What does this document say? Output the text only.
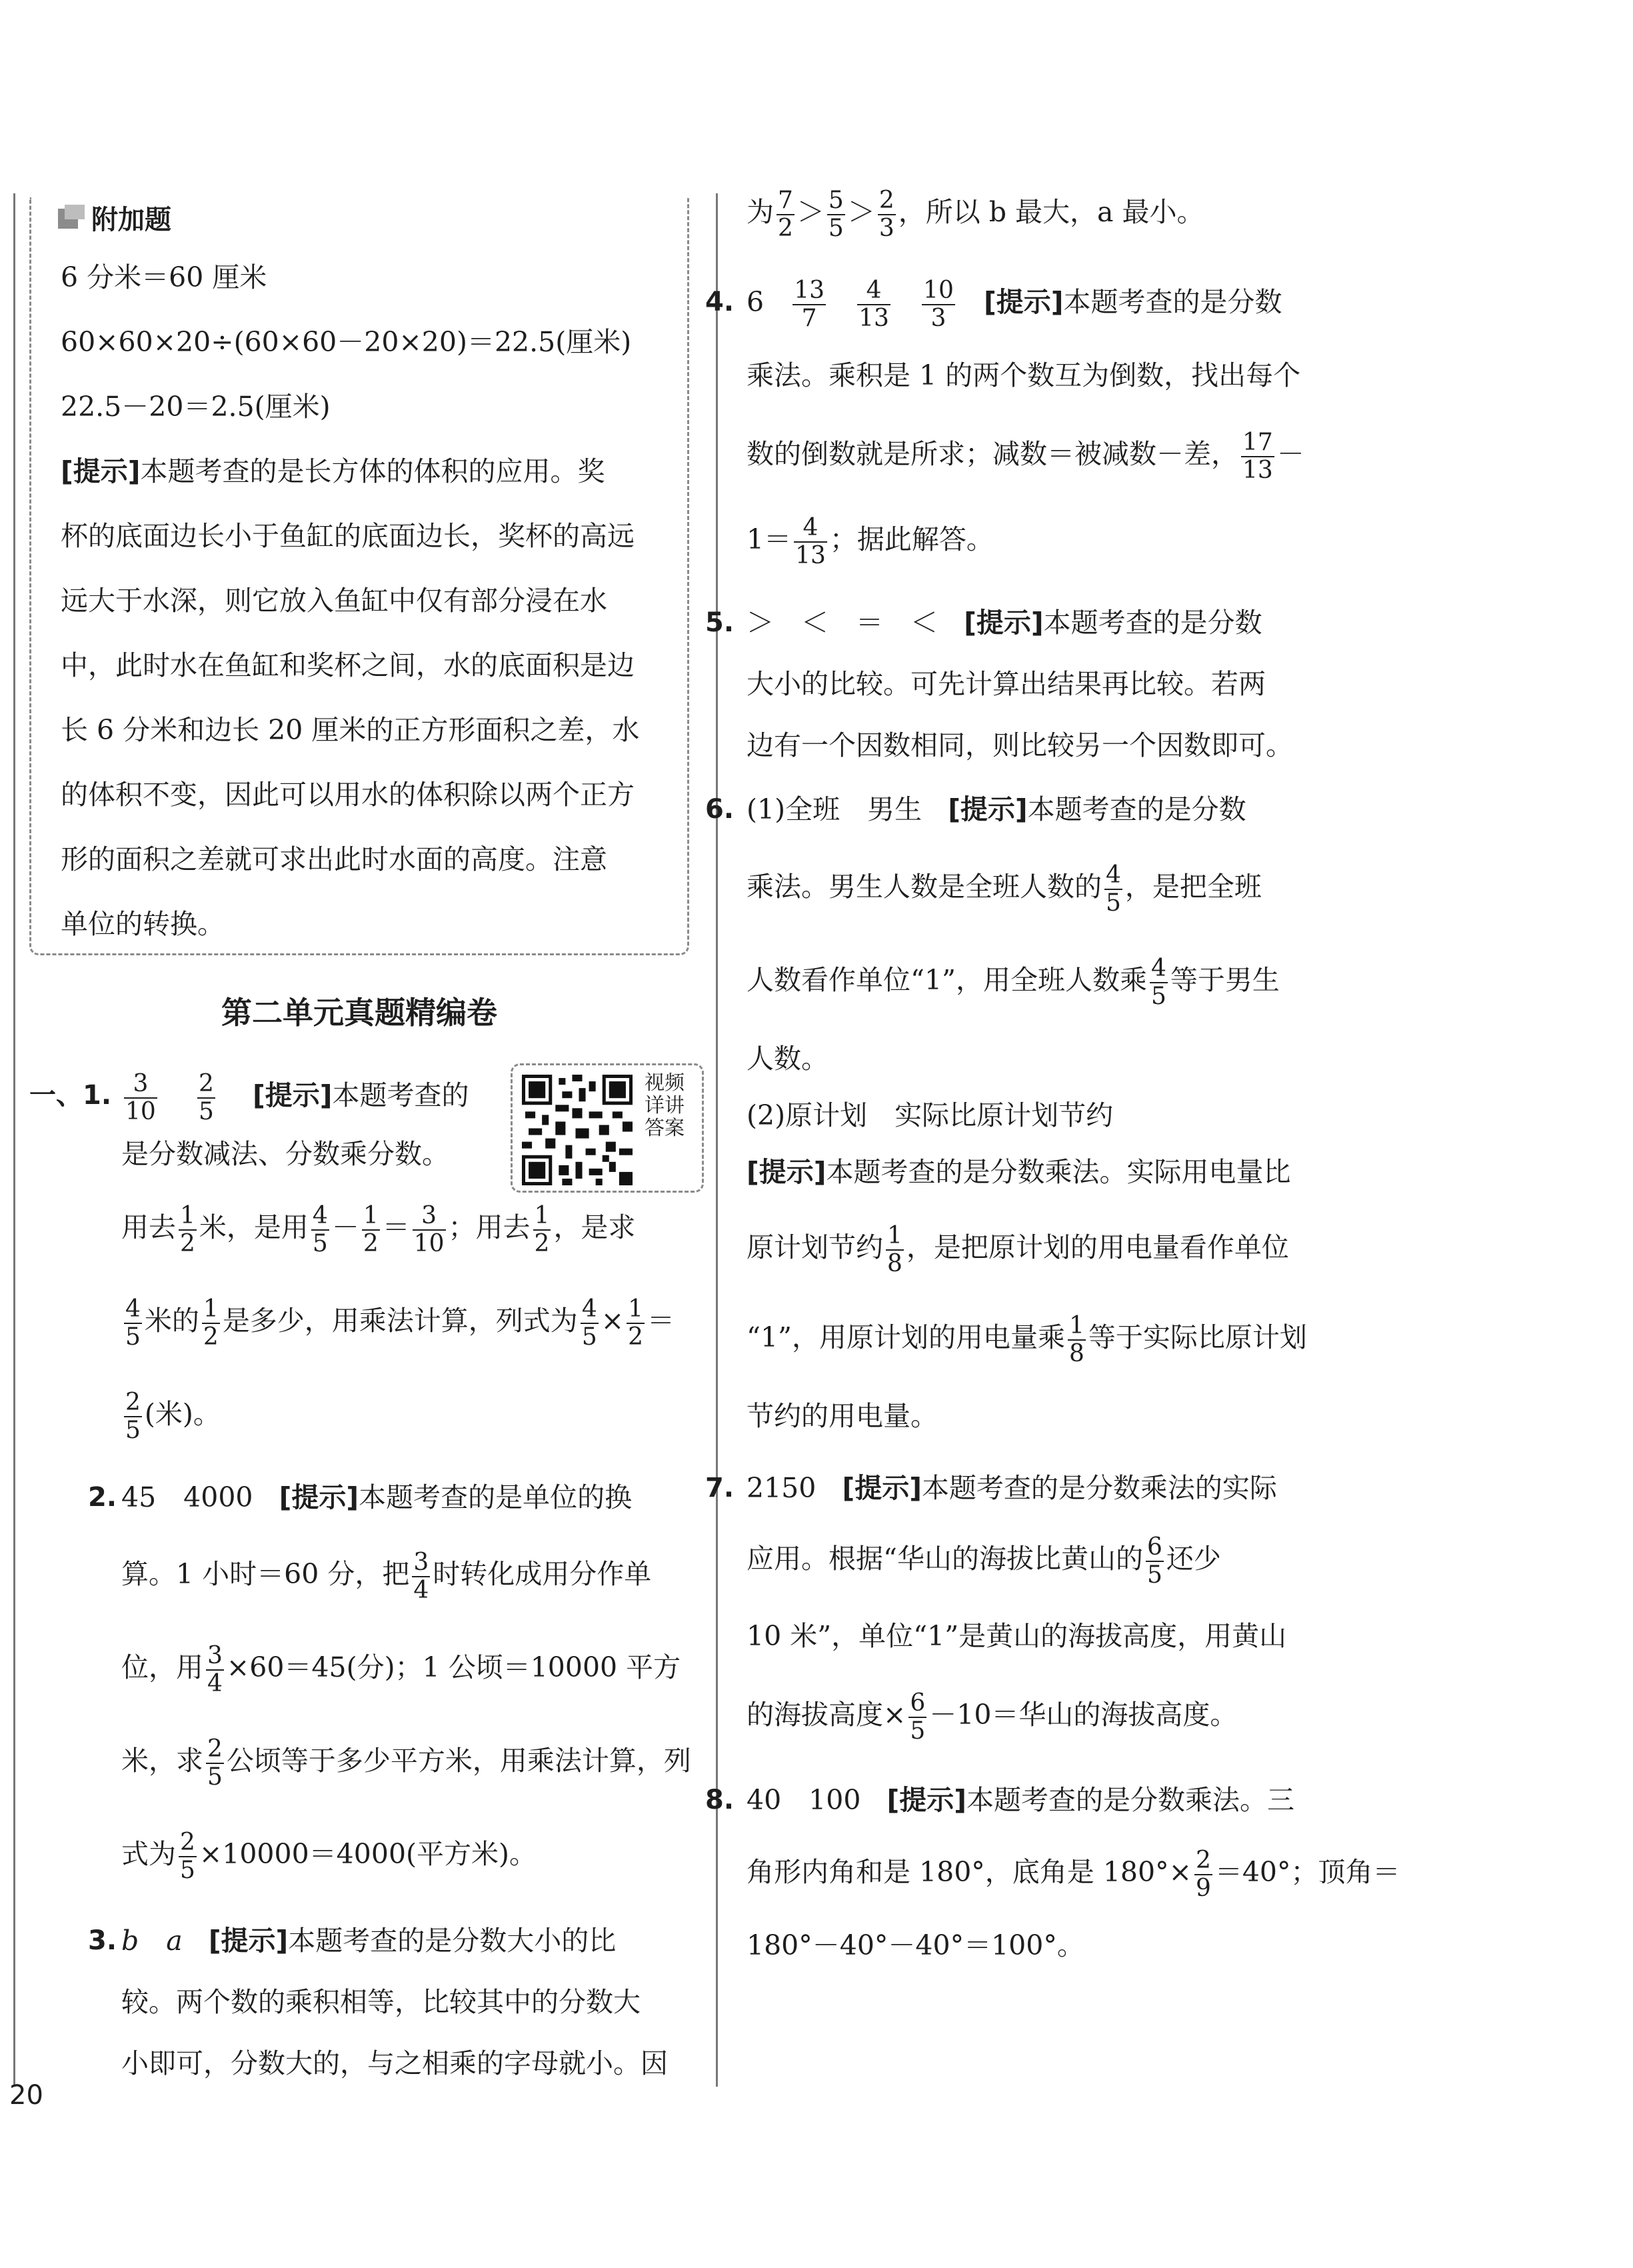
附加题
6 分米＝60 厘米
60×60×20÷(60×60－20×20)＝22.5(厘米)
22.5－20＝2.5(厘米)
[提示]本题考查的是长方体的体积的应用。奖
杯的底面边长小于鱼缸的底面边长，奖杯的高远
远大于水深，则它放入鱼缸中仅有部分浸在水
中，此时水在鱼缸和奖杯之间，水的底面积是边
长 6 分米和边长 20 厘米的正方形面积之差，水
的体积不变，因此可以用水的体积除以两个正方
形的面积之差就可求出此时水面的高度。注意
单位的转换。
第二单元真题精编卷
视频详讲答案
一、1. $\frac{3}{10}$
$\frac{2}{5}$ [提示]本题考查的
是分数减法、分数乘分数。
用去 $\frac{1}{2}$ 米，是用 $\frac{4}{5} - \frac{1}{2} = \frac{3}{10}$ ；用去 $\frac{1}{2}$ ，是求
$\frac{4}{5}$ 米的 $\frac{1}{2}$ 是多少，用乘法计算，列式为 $\frac{4}{5} \times \frac{1}{2}$ ＝
$\frac{2}{5}$ (米)。
2. 45　4000 [提示]本题考查的是单位的换
算。1 小时＝60 分，把 $\frac{3}{4}$ 时转化成用分作单
位，用 $\frac{3}{4} \times 60=45$(分)；1 公顷＝10000 平方
米，求 $\frac{2}{5}$ 公顷等于多少平方米，用乘法计算，列
式为 $\frac{2}{5} \times 10000=4000$(平方米)。
3. b　a [提示]本题考查的是分数大小的比
较。两个数的乘积相等，比较其中的分数大
小即可，分数大的，与之相乘的字母就小。因
为 $\frac{7}{2} > \frac{5}{5} > \frac{2}{3}$ ，所以 b 最大，a 最小。
4. $6 \frac{13}{7}$
$\frac{4}{13}$
$\frac{10}{3}$ [提示]本题考查的是分数
乘法。乘积是 1 的两个数互为倒数，找出每个
数的倒数就是所求；减数＝被减数－差， $\frac{17}{13}$ －
$1= \frac{4}{13}$ ；据此解答。
5. ＞　＜　＝　＜ [提示]本题考查的是分数
大小的比较。可先计算出结果再比较。若两
边有一个因数相同，则比较另一个因数即可。
6. (1)全班　男生 [提示]本题考查的是分数
乘法。男生人数是全班人数的 $\frac{4}{5}$ ，是把全班
人数看作单位“1”，用全班人数乘 $\frac{4}{5}$ 等于男生
人数。
(2)原计划　实际比原计划节约
[提示]本题考查的是分数乘法。实际用电量比
原计划节约 $\frac{1}{8}$ ，是把原计划的用电量看作单位
“1”，用原计划的用电量乘 $\frac{1}{8}$ 等于实际比原计划
节约的用电量。
7. 2150 [提示]本题考查的是分数乘法的实际
应用。根据“华山的海拔比黄山的 $\frac{6}{5}$ 还少
10 米”，单位“1”是黄山的海拔高度，用黄山
的海拔高度× $\frac{6}{5} -10=$华山的海拔高度。
8. 40　100 [提示]本题考查的是分数乘法。三
角形内角和是 180°，底角是 $180^\circ\times \frac{2}{9} =40^\circ$；顶角＝
180°－40°－40°＝100°。
20
